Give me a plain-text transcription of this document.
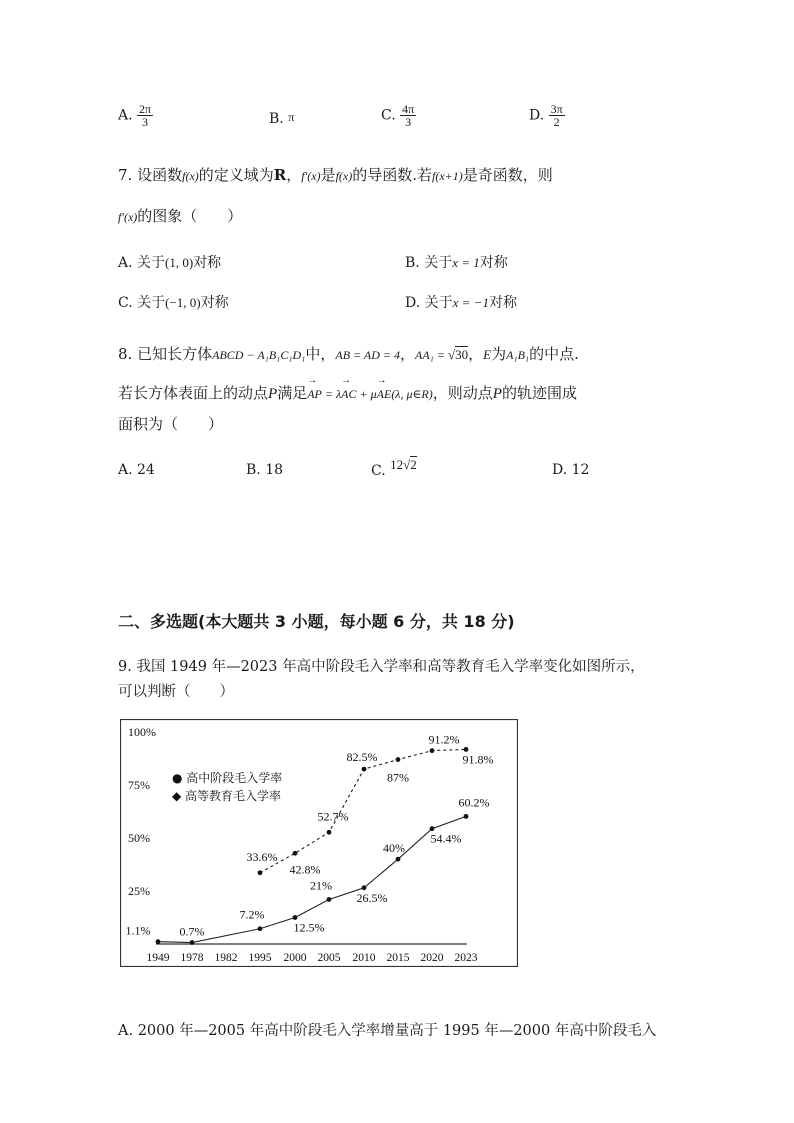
A. $\frac{2\pi}{3}$	B. π	C. $\frac{4\pi}{3}$	D. $\frac{3\pi}{2}$
7. 设函数f(x)的定义域为R，f′(x)是f(x)的导函数.若f(x+1)是奇函数，则
f′(x)的图象（　　）
A. 关于(1, 0)对称	B. 关于x = 1对称
C. 关于(−1, 0)对称	D. 关于x = −1对称
8. 已知长方体ABCD − A₁B₁C₁D₁中，AB = AD = 4，AA₁ = √30，E为A₁B₁的中点.
若长方体表面上的动点P满足→ AP = λ→ AC + μ→ AE(λ, μ∈R)，则动点P的轨迹围成
面积为（　　）
A. 24	B. 18	C. 12√2	D. 12
二、多选题(本大题共 3 小题，每小题 6 分，共 18 分)
9. 我国 1949 年—2023 年高中阶段毛入学率和高等教育毛入学率变化如图所示，
可以判断（　　）
1949 1978 1982 1995 2000 2005 2010 2015 2020 2023
100%
75%
50%
25%
● 高中阶段毛入学率
◆ 高等教育毛入学率
33.6%
42.8%
52.7%
82.5%
87%
91.2%
91.8%
1.1% 0.7%
7.2%
12.5%
21%
26.5%
40%
54.4%
60.2%
A. 2000 年—2005 年高中阶段毛入学率增量高于 1995 年—2000 年高中阶段毛入
